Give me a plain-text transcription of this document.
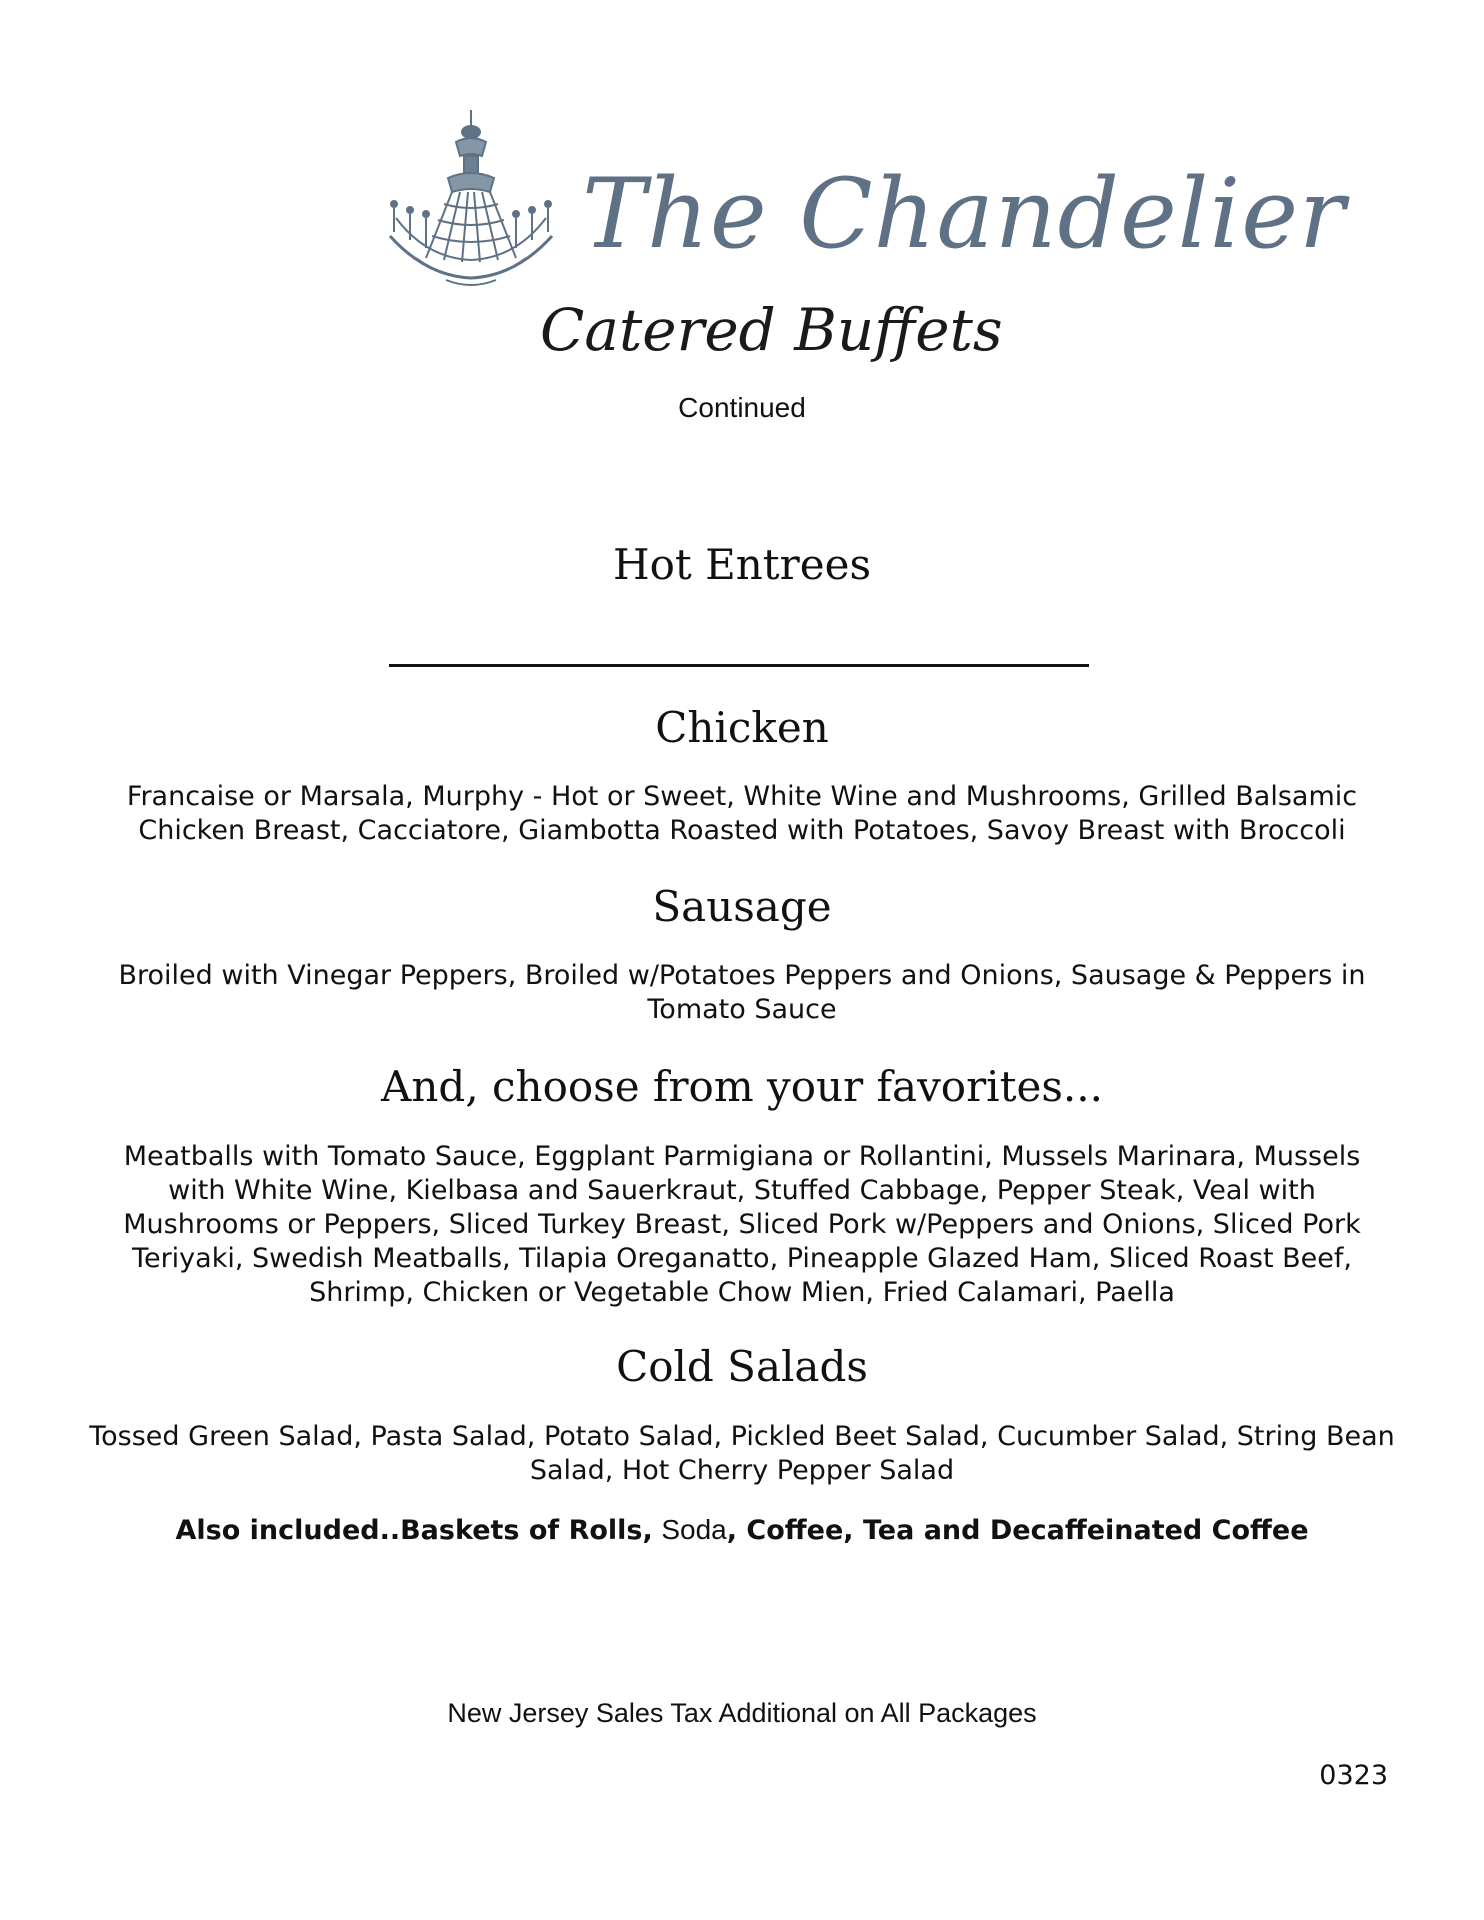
The Chandelier
Catered Buffets
Continued
Hot Entrees
Chicken
Francaise or Marsala, Murphy - Hot or Sweet, White Wine and Mushrooms, Grilled Balsamic
Chicken Breast, Cacciatore, Giambotta Roasted with Potatoes, Savoy Breast with Broccoli
Sausage
Broiled with Vinegar Peppers, Broiled w/Potatoes Peppers and Onions, Sausage & Peppers in
Tomato Sauce
And, choose from your favorites...
Meatballs with Tomato Sauce, Eggplant Parmigiana or Rollantini, Mussels Marinara, Mussels
with White Wine, Kielbasa and Sauerkraut, Stuffed Cabbage, Pepper Steak, Veal with
Mushrooms or Peppers, Sliced Turkey Breast, Sliced Pork w/Peppers and Onions, Sliced Pork
Teriyaki, Swedish Meatballs, Tilapia Oreganatto, Pineapple Glazed Ham, Sliced Roast Beef,
Shrimp, Chicken or Vegetable Chow Mien, Fried Calamari, Paella
Cold Salads
Tossed Green Salad, Pasta Salad, Potato Salad, Pickled Beet Salad, Cucumber Salad, String Bean
Salad, Hot Cherry Pepper Salad
Also included..Baskets of Rolls, Soda, Coffee, Tea and Decaffeinated Coffee
New Jersey Sales Tax Additional on All Packages
0323
